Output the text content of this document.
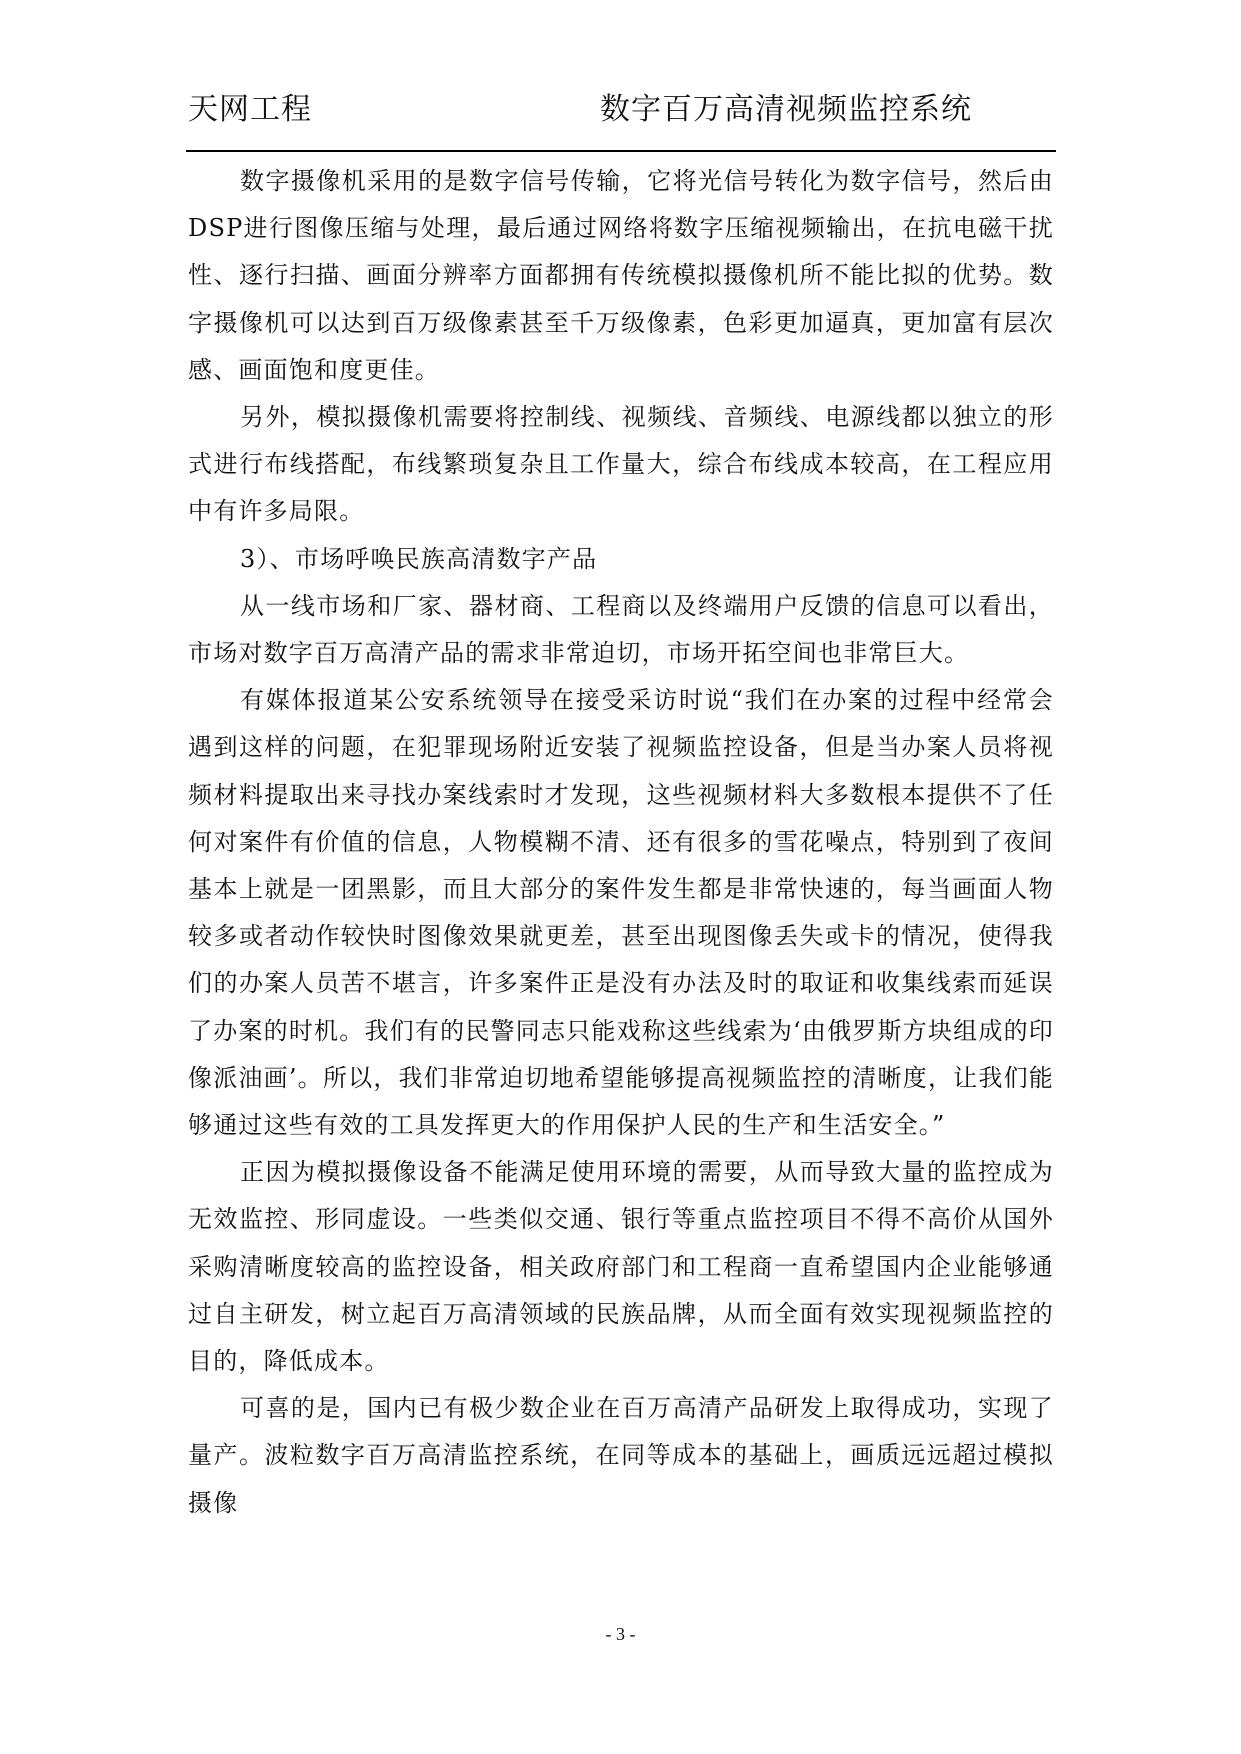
天网工程	数字百万高清视频监控系统

数字摄像机采用的是数字信号传输，它将光信号转化为数字信号，然后由DSP进行图像压缩与处理，最后通过网络将数字压缩视频输出，在抗电磁干扰性、逐行扫描、画面分辨率方面都拥有传统模拟摄像机所不能比拟的优势。数字摄像机可以达到百万级像素甚至千万级像素，色彩更加逼真，更加富有层次感、画面饱和度更佳。

另外，模拟摄像机需要将控制线、视频线、音频线、电源线都以独立的形式进行布线搭配，布线繁琐复杂且工作量大，综合布线成本较高，在工程应用中有许多局限。

3）、市场呼唤民族高清数字产品

从一线市场和厂家、器材商、工程商以及终端用户反馈的信息可以看出，市场对数字百万高清产品的需求非常迫切，市场开拓空间也非常巨大。

有媒体报道某公安系统领导在接受采访时说“我们在办案的过程中经常会遇到这样的问题，在犯罪现场附近安装了视频监控设备，但是当办案人员将视频材料提取出来寻找办案线索时才发现，这些视频材料大多数根本提供不了任何对案件有价值的信息，人物模糊不清、还有很多的雪花噪点，特别到了夜间基本上就是一团黑影，而且大部分的案件发生都是非常快速的，每当画面人物较多或者动作较快时图像效果就更差，甚至出现图像丢失或卡的情况，使得我们的办案人员苦不堪言，许多案件正是没有办法及时的取证和收集线索而延误了办案的时机。我们有的民警同志只能戏称这些线索为‘由俄罗斯方块组成的印像派油画’。所以，我们非常迫切地希望能够提高视频监控的清晰度，让我们能够通过这些有效的工具发挥更大的作用保护人民的生产和生活安全。”

正因为模拟摄像设备不能满足使用环境的需要，从而导致大量的监控成为无效监控、形同虚设。一些类似交通、银行等重点监控项目不得不高价从国外采购清晰度较高的监控设备，相关政府部门和工程商一直希望国内企业能够通过自主研发，树立起百万高清领域的民族品牌，从而全面有效实现视频监控的目的，降低成本。

可喜的是，国内已有极少数企业在百万高清产品研发上取得成功，实现了量产。波粒数字百万高清监控系统，在同等成本的基础上，画质远远超过模拟摄像

- 3 -
